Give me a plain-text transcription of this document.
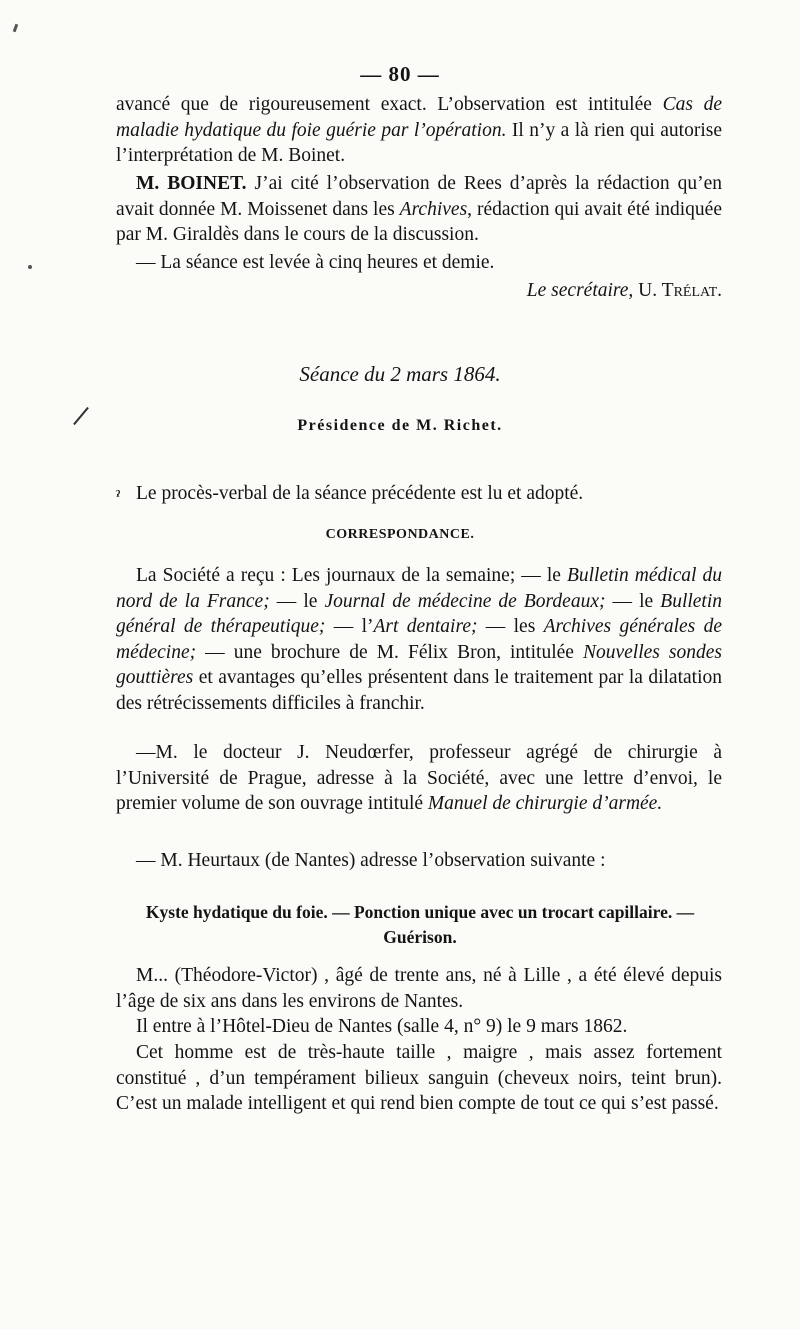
— 80 —
avancé que de rigoureusement exact. L’observation est intitulée Cas de maladie hydatique du foie guérie par l’opération. Il n’y a là rien qui autorise l’interprétation de M. Boinet.
M. BOINET. J’ai cité l’observation de Rees d’après la rédaction qu’en avait donnée M. Moissenet dans les Archives, rédaction qui avait été indiquée par M. Giraldès dans le cours de la discussion.
— La séance est levée à cinq heures et demie.
Le secrétaire, U. Trélat.
Séance du 2 mars 1864.
Présidence de M. Richet.
ˀ Le procès-verbal de la séance précédente est lu et adopté.
CORRESPONDANCE.
La Société a reçu : Les journaux de la semaine; — le Bulletin médical du nord de la France; — le Journal de médecine de Bordeaux; — le Bulletin général de thérapeutique; — l’Art dentaire; — les Archives générales de médecine; — une brochure de M. Félix Bron, intitulée Nouvelles sondes gouttières et avantages qu’elles présentent dans le traitement par la dilatation des rétrécissements difficiles à franchir.
—M. le docteur J. Neudœrfer, professeur agrégé de chirurgie à l’Université de Prague, adresse à la Société, avec une lettre d’envoi, le premier volume de son ouvrage intitulé Manuel de chirurgie d’armée.
— M. Heurtaux (de Nantes) adresse l’observation suivante :
Kyste hydatique du foie. — Ponction unique avec un trocart capillaire. — Guérison.
M... (Théodore-Victor) , âgé de trente ans, né à Lille , a été élevé depuis l’âge de six ans dans les environs de Nantes.
Il entre à l’Hôtel-Dieu de Nantes (salle 4, n° 9) le 9 mars 1862.
Cet homme est de très-haute taille , maigre , mais assez fortement constitué , d’un tempérament bilieux sanguin (cheveux noirs, teint brun). C’est un malade intelligent et qui rend bien compte de tout ce qui s’est passé.
